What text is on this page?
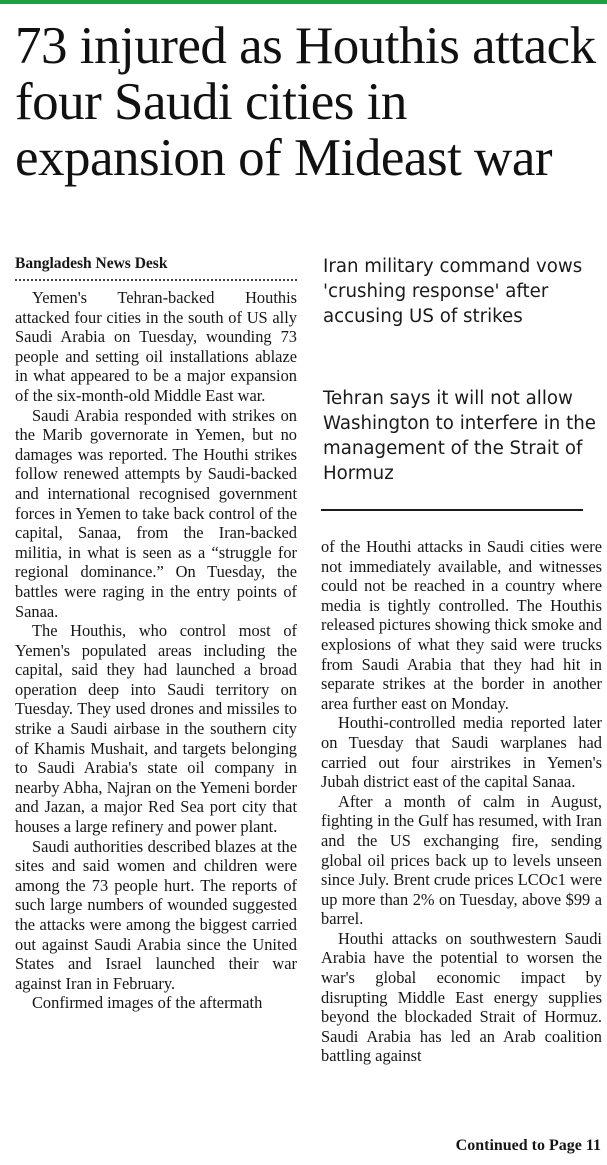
73 injured as Houthis attack four Saudi cities in expansion of Mideast war
Bangladesh News Desk

Yemen's Tehran-backed Houthis attacked four cities in the south of US ally Saudi Arabia on Tuesday, wounding 73 people and setting oil installations ablaze in what appeared to be a major expansion of the six-month-old Middle East war.

Saudi Arabia responded with strikes on the Marib governorate in Yemen, but no damages was reported. The Houthi strikes follow renewed attempts by Saudi-backed and international recognised government forces in Yemen to take back control of the capital, Sanaa, from the Iran-backed militia, in what is seen as a “struggle for regional dominance.” On Tuesday, the battles were raging in the entry points of Sanaa.

The Houthis, who control most of Yemen's populated areas including the capital, said they had launched a broad operation deep into Saudi territory on Tuesday. They used drones and missiles to strike a Saudi airbase in the southern city of Khamis Mushait, and targets belonging to Saudi Arabia's state oil company in nearby Abha, Najran on the Yemeni border and Jazan, a major Red Sea port city that houses a large refinery and power plant.

Saudi authorities described blazes at the sites and said women and children were among the 73 people hurt. The reports of such large numbers of wounded suggested the attacks were among the biggest carried out against Saudi Arabia since the United States and Israel launched their war against Iran in February.

Confirmed images of the aftermath

Iran military command vows 'crushing response' after accusing US of strikes
Tehran says it will not allow Washington to interfere in the management of the Strait of Hormuz

of the Houthi attacks in Saudi cities were not immediately available, and witnesses could not be reached in a country where media is tightly controlled. The Houthis released pictures showing thick smoke and explosions of what they said were trucks from Saudi Arabia that they had hit in separate strikes at the border in another area further east on Monday.

Houthi-controlled media reported later on Tuesday that Saudi warplanes had carried out four airstrikes in Yemen's Jubah district east of the capital Sanaa.

After a month of calm in August, fighting in the Gulf has resumed, with Iran and the US exchanging fire, sending global oil prices back up to levels unseen since July. Brent crude prices LCOc1 were up more than 2% on Tuesday, above $99 a barrel.

Houthi attacks on southwestern Saudi Arabia have the potential to worsen the war's global economic impact by disrupting Middle East energy supplies beyond the blockaded Strait of Hormuz. Saudi Arabia has led an Arab coalition battling against

Continued to Page 11
